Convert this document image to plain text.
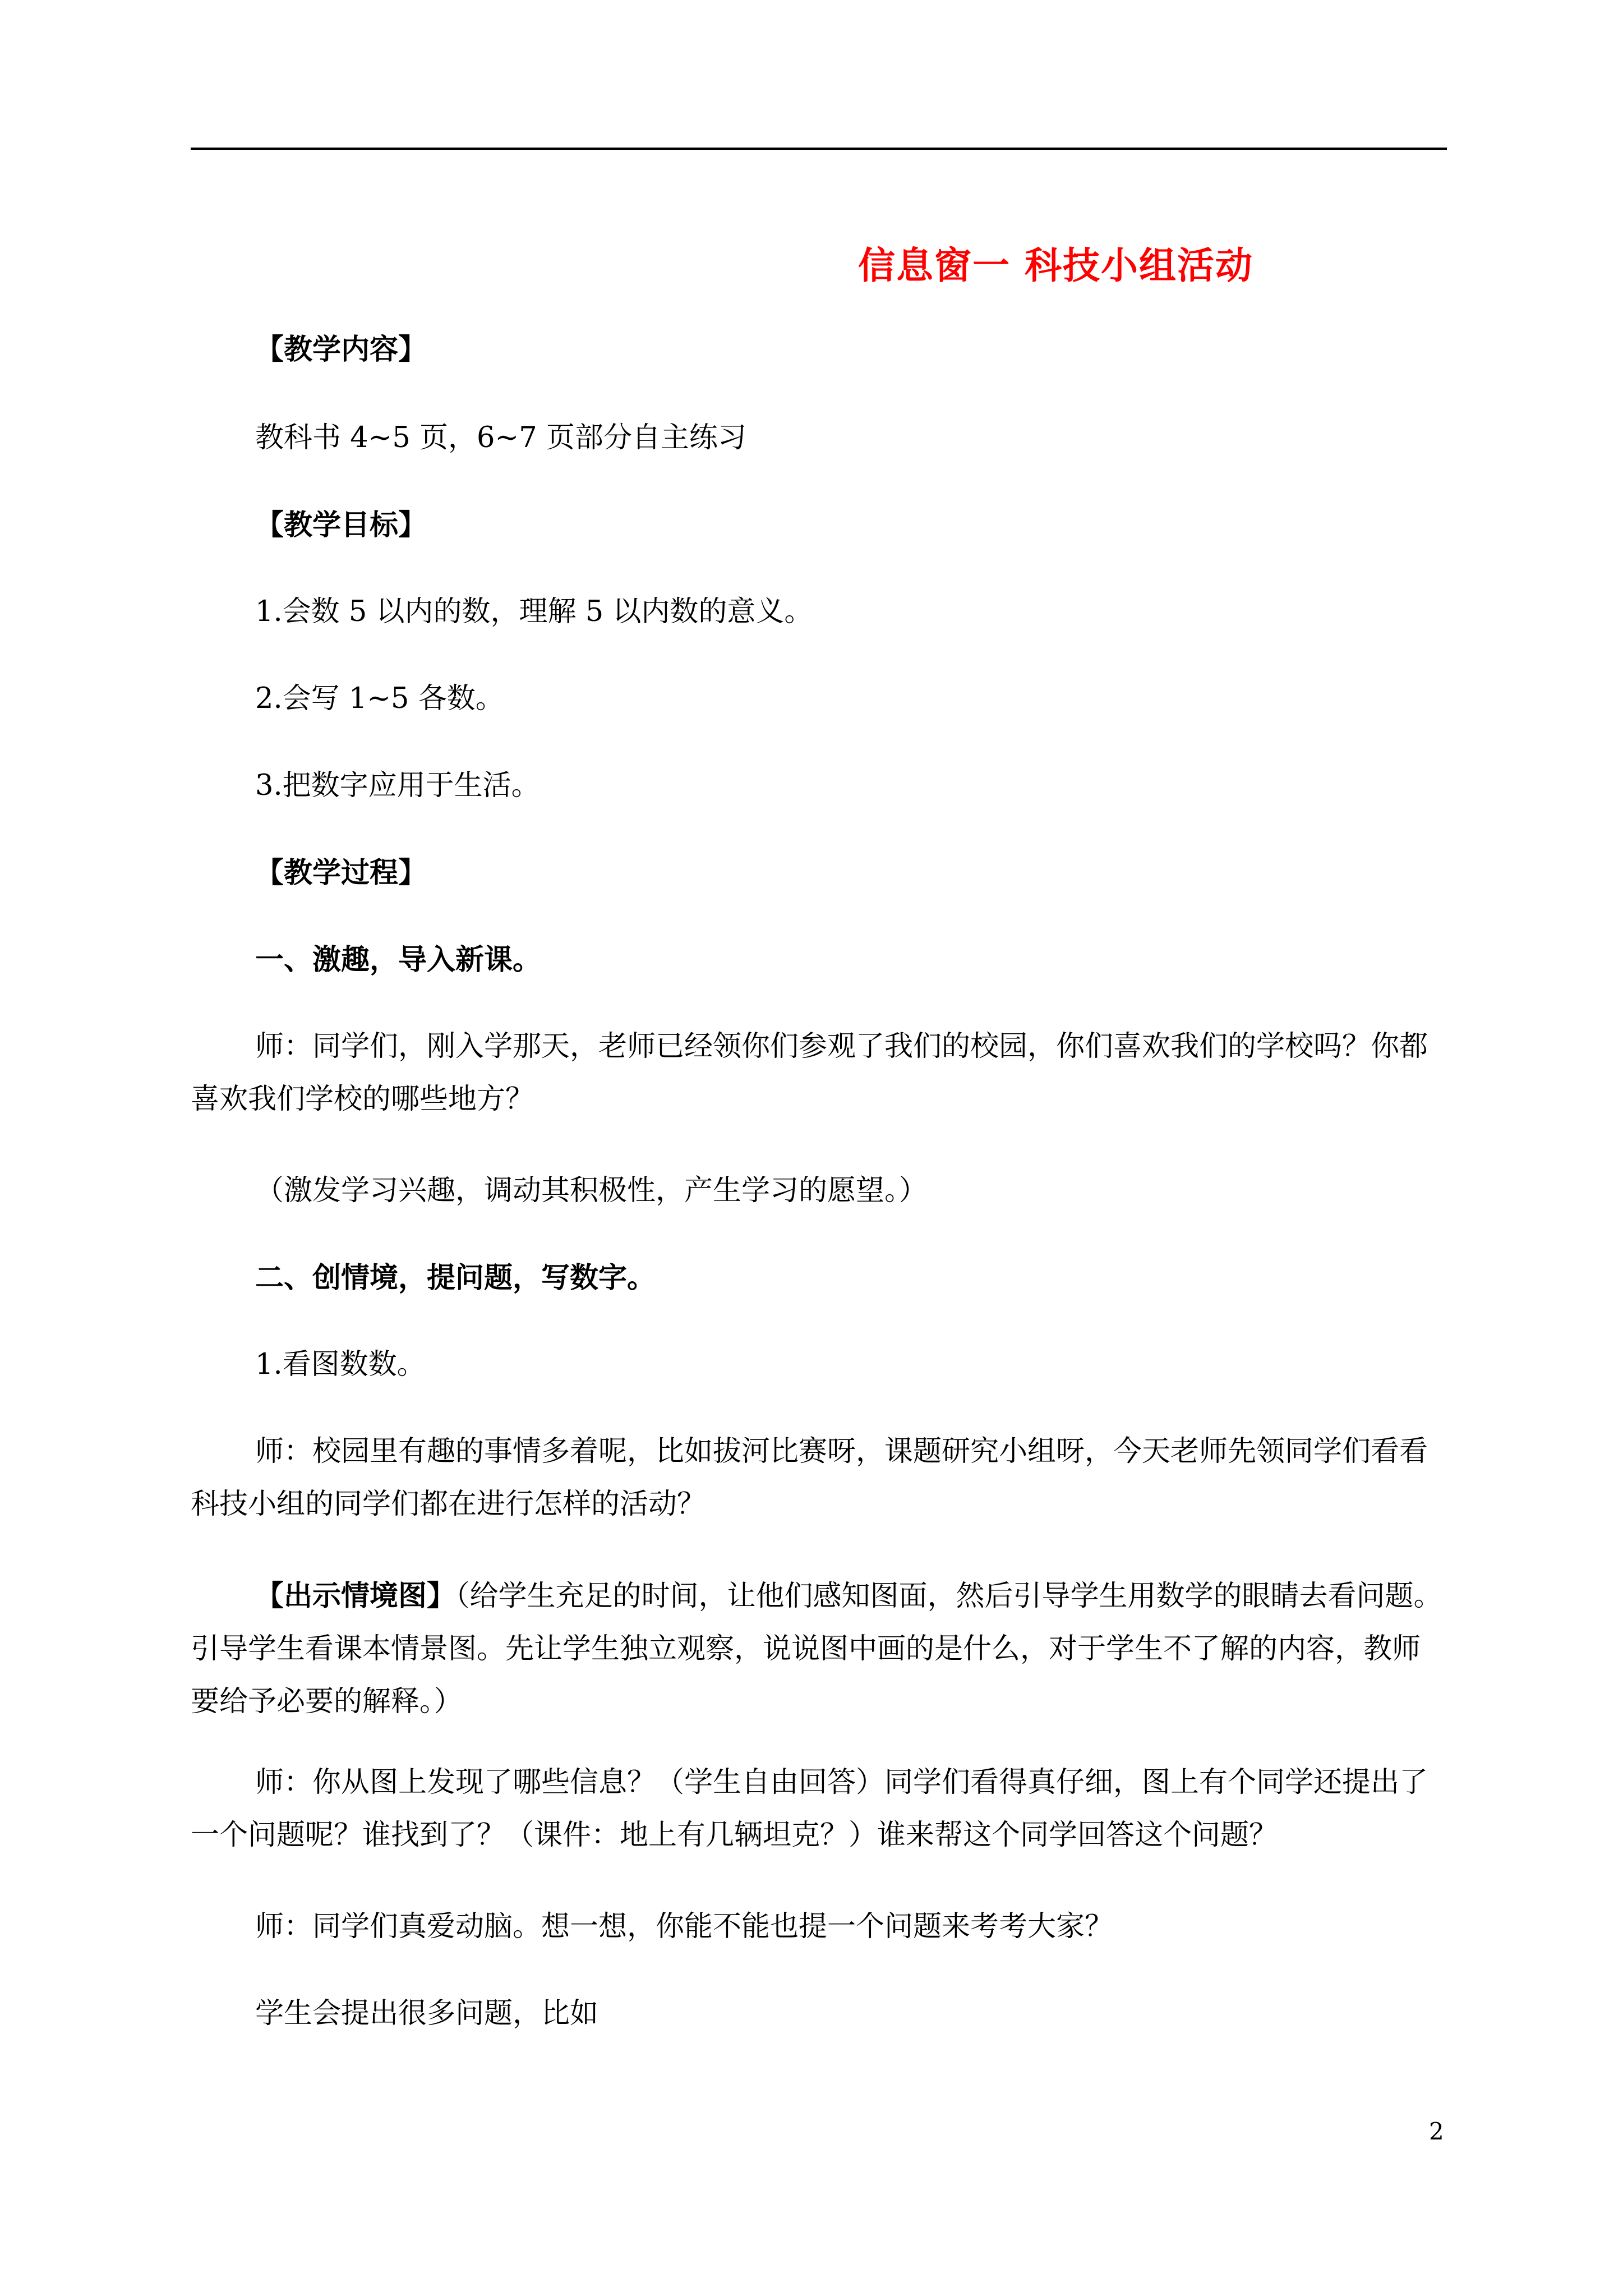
信息窗一 科技小组活动
【教学内容】
教科书 4~5 页，6~7 页部分自主练习
【教学目标】
1.会数 5 以内的数，理解 5 以内数的意义。
2.会写 1~5 各数。
3.把数字应用于生活。
【教学过程】
一、激趣，导入新课。
师：同学们，刚入学那天，老师已经领你们参观了我们的校园，你们喜欢我们的学校吗？你都
喜欢我们学校的哪些地方？
（激发学习兴趣，调动其积极性，产生学习的愿望。）
二、创情境，提问题，写数字。
1.看图数数。
师：校园里有趣的事情多着呢，比如拔河比赛呀，课题研究小组呀，今天老师先领同学们看看
科技小组的同学们都在进行怎样的活动？
【出示情境图】（给学生充足的时间，让他们感知图面，然后引导学生用数学的眼睛去看问题。
引导学生看课本情景图。先让学生独立观察，说说图中画的是什么，对于学生不了解的内容，教师
要给予必要的解释。）
师：你从图上发现了哪些信息？（学生自由回答）同学们看得真仔细，图上有个同学还提出了
一个问题呢？谁找到了？（课件：地上有几辆坦克？）谁来帮这个同学回答这个问题？
师：同学们真爱动脑。想一想，你能不能也提一个问题来考考大家？
学生会提出很多问题，比如
2
